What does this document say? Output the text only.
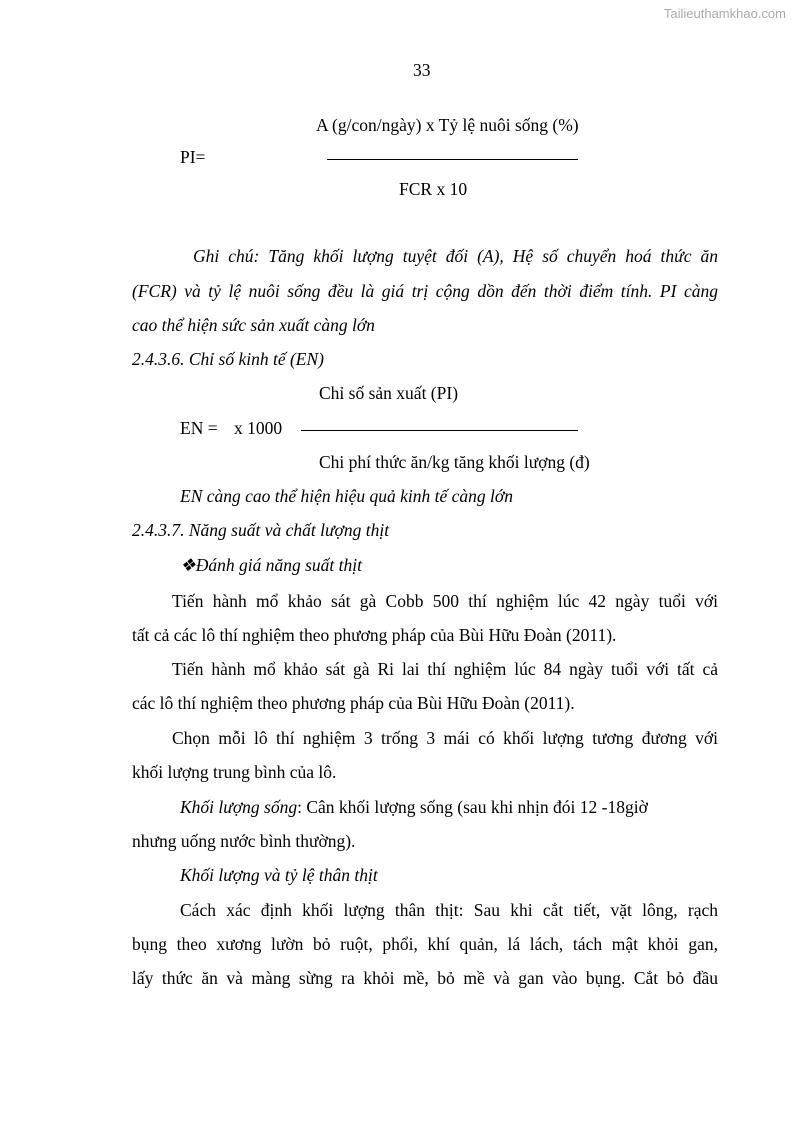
Tailieuthamkhao.com
33
A (g/con/ngày) x Tỷ lệ nuôi sống (%)
PI=
FCR x 10
Ghi chú: Tăng khối lượng tuyệt đối (A), Hệ số chuyển hoá thức ăn
(FCR) và tỷ lệ nuôi sống đều là giá trị cộng dồn đến thời điểm tính. PI càng
cao thể hiện sức sản xuất càng lớn
2.4.3.6. Chỉ số kinh tế (EN)
Chỉ số sản xuất (PI)
EN = x 1000
Chi phí thức ăn/kg tăng khối lượng (đ)
EN càng cao thể hiện hiệu quả kinh tế càng lớn
2.4.3.7. Năng suất và chất lượng thịt
❖Đánh giá năng suất thịt
Tiến hành mổ khảo sát gà Cobb 500 thí nghiệm lúc 42 ngày tuổi với
tất cả các lô thí nghiệm theo phương pháp của Bùi Hữu Đoàn (2011).
Tiến hành mổ khảo sát gà Ri lai thí nghiệm lúc 84 ngày tuổi với tất cả
các lô thí nghiệm theo phương pháp của Bùi Hữu Đoàn (2011).
Chọn mỗi lô thí nghiệm 3 trống 3 mái có khối lượng tương đương với
khối lượng trung bình của lô.
Khối lượng sống: Cân khối lượng sống (sau khi nhịn đói 12 -18giờ
nhưng uống nước bình thường).
Khối lượng và tỷ lệ thân thịt
Cách xác định khối lượng thân thịt: Sau khi cắt tiết, vặt lông, rạch
bụng theo xương lườn bỏ ruột, phổi, khí quản, lá lách, tách mật khỏi gan,
lấy thức ăn và màng sừng ra khỏi mề, bỏ mề và gan vào bụng. Cắt bỏ đầu
